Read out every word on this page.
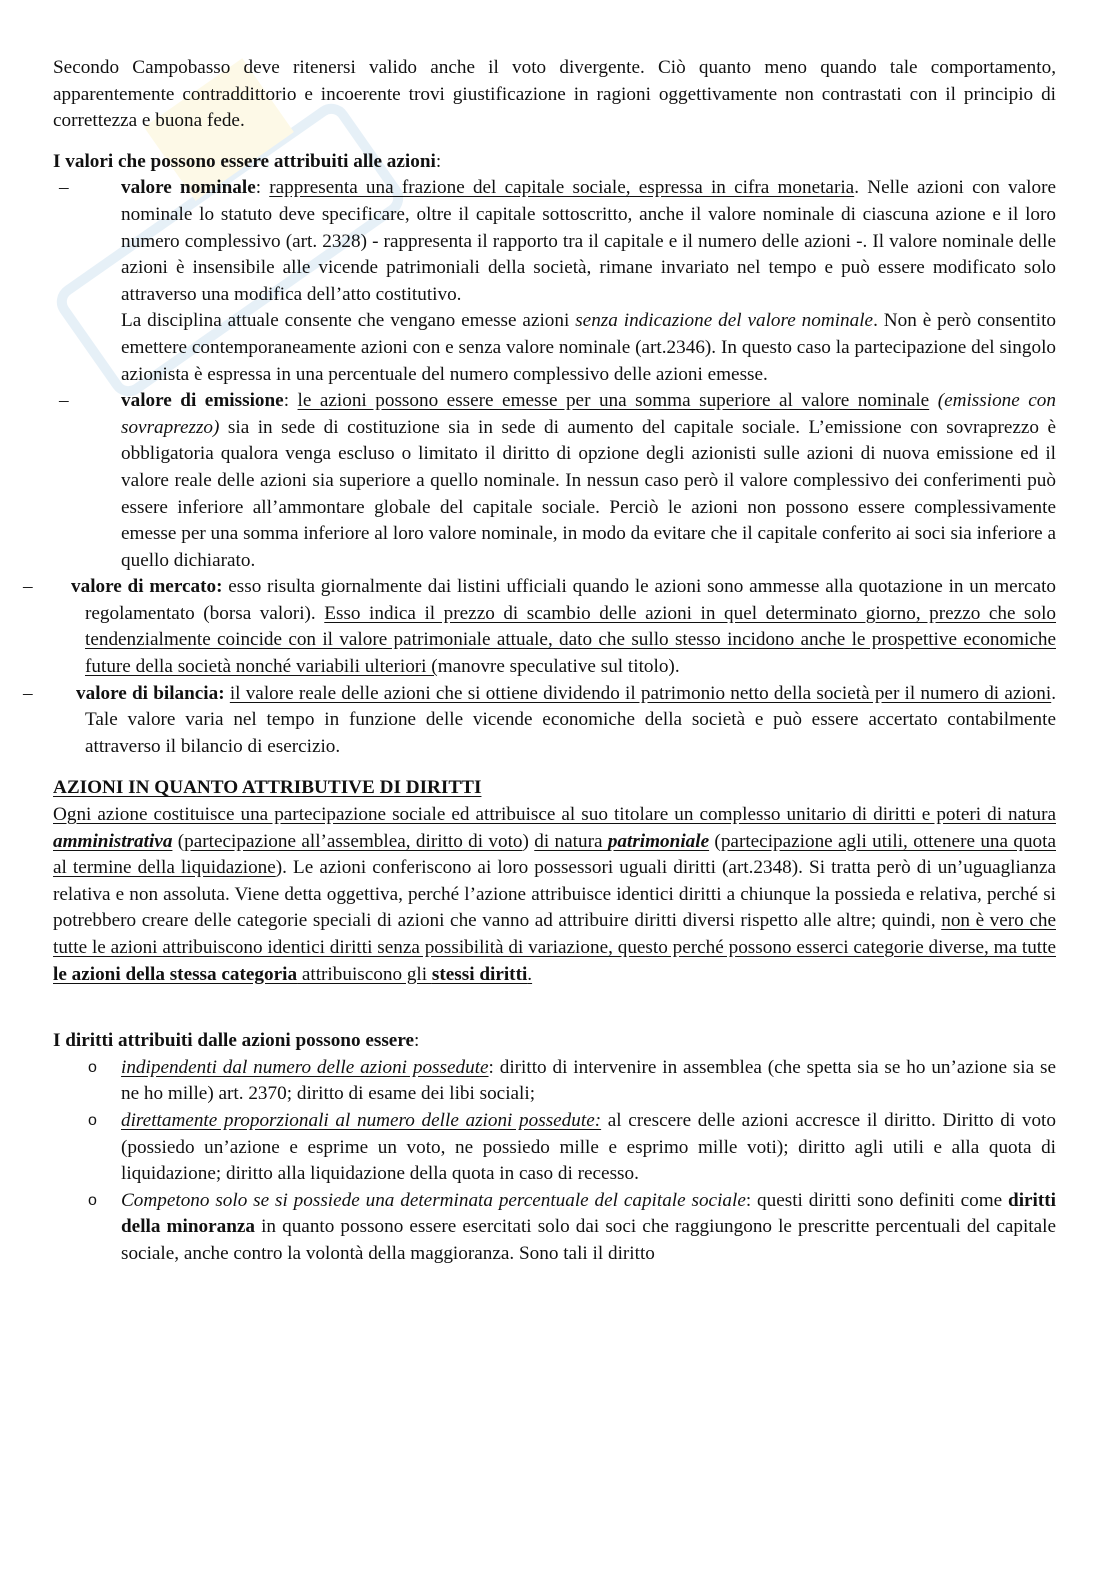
Secondo Campobasso deve ritenersi valido anche il voto divergente. Ciò quanto meno quando tale comportamento, apparentemente contraddittorio e incoerente trovi giustificazione in ragioni oggettivamente non contrastati con il principio di correttezza e buona fede.

I valori che possono essere attribuiti alle azioni:

–	valore nominale: rappresenta una frazione del capitale sociale, espressa in cifra monetaria. Nelle azioni con valore nominale lo statuto deve specificare, oltre il capitale sottoscritto, anche il valore nominale di ciascuna azione e il loro numero complessivo (art. 2328) - rappresenta il rapporto tra il capitale e il numero delle azioni -. Il valore nominale delle azioni è insensibile alle vicende patrimoniali della società, rimane invariato nel tempo e può essere modificato solo attraverso una modifica dell’atto costitutivo.

La disciplina attuale consente che vengano emesse azioni senza indicazione del valore nominale. Non è però consentito emettere contemporaneamente azioni con e senza valore nominale (art.2346). In questo caso la partecipazione del singolo azionista è espressa in una percentuale del numero complessivo delle azioni emesse.

–	valore di emissione: le azioni possono essere emesse per una somma superiore al valore nominale (emissione con sovraprezzo) sia in sede di costituzione sia in sede di aumento del capitale sociale. L’emissione con sovraprezzo è obbligatoria qualora venga escluso o limitato il diritto di opzione degli azionisti sulle azioni di nuova emissione ed il valore reale delle azioni sia superiore a quello nominale. In nessun caso però il valore complessivo dei conferimenti può essere inferiore all’ammontare globale del capitale sociale. Perciò le azioni non possono essere complessivamente emesse per una somma inferiore al loro valore nominale, in modo da evitare che il capitale conferito ai soci sia inferiore a quello dichiarato.

– valore di mercato: esso risulta giornalmente dai listini ufficiali quando le azioni sono ammesse alla quotazione in un mercato regolamentato (borsa valori). Esso indica il prezzo di scambio delle azioni in quel determinato giorno, prezzo che solo tendenzialmente coincide con il valore patrimoniale attuale, dato che sullo stesso incidono anche le prospettive economiche future della società nonché variabili ulteriori (manovre speculative sul titolo).

– valore di bilancia: il valore reale delle azioni che si ottiene dividendo il patrimonio netto della società per il numero di azioni. Tale valore varia nel tempo in funzione delle vicende economiche della società e può essere accertato contabilmente attraverso il bilancio di esercizio.

AZIONI IN QUANTO ATTRIBUTIVE DI DIRITTI

Ogni azione costituisce una partecipazione sociale ed attribuisce al suo titolare un complesso unitario di diritti e poteri di natura amministrativa (partecipazione all’assemblea, diritto di voto) di natura patrimoniale (partecipazione agli utili, ottenere una quota al termine della liquidazione). Le azioni conferiscono ai loro possessori uguali diritti (art.2348). Si tratta però di un’uguaglianza relativa e non assoluta. Viene detta oggettiva, perché l’azione attribuisce identici diritti a chiunque la possieda e relativa, perché si potrebbero creare delle categorie speciali di azioni che vanno ad attribuire diritti diversi rispetto alle altre; quindi, non è vero che tutte le azioni attribuiscono identici diritti senza possibilità di variazione, questo perché possono esserci categorie diverse, ma tutte le azioni della stessa categoria attribuiscono gli stessi diritti.

I diritti attribuiti dalle azioni possono essere:

o indipendenti dal numero delle azioni possedute: diritto di intervenire in assemblea (che spetta sia se ho un’azione sia se ne ho mille) art. 2370; diritto di esame dei libi sociali;
o direttamente proporzionali al numero delle azioni possedute: al crescere delle azioni accresce il diritto. Diritto di voto (possiedo un’azione e esprime un voto, ne possiedo mille e esprimo mille voti); diritto agli utili e alla quota di liquidazione; diritto alla liquidazione della quota in caso di recesso.
o Competono solo se si possiede una determinata percentuale del capitale sociale: questi diritti sono definiti come diritti della minoranza in quanto possono essere esercitati solo dai soci che raggiungono le prescritte percentuali del capitale sociale, anche contro la volontà della maggioranza. Sono tali il diritto
